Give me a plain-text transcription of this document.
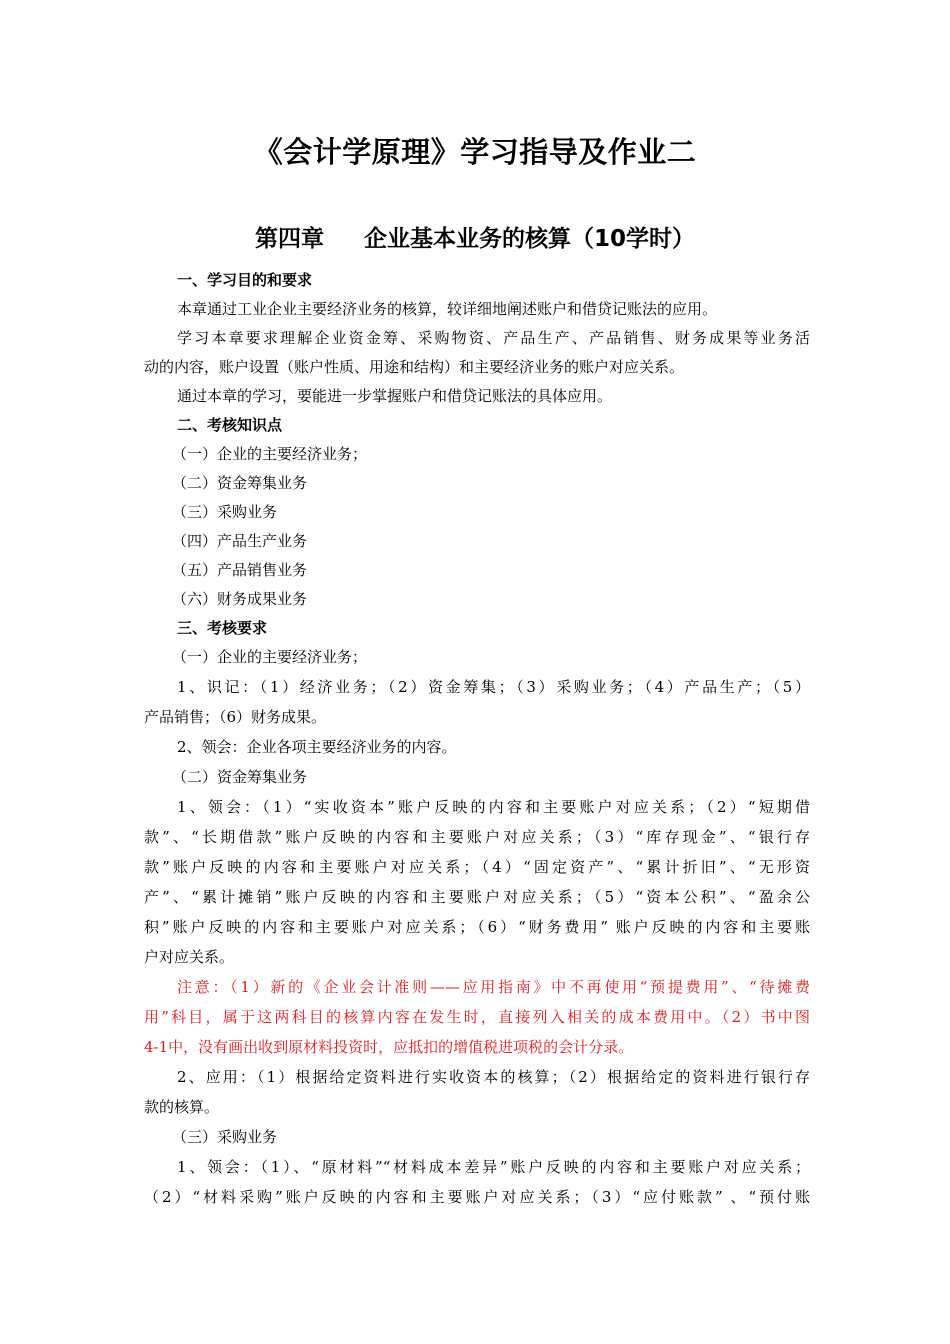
《会计学原理》学习指导及作业二
第四章 企业基本业务的核算（10学时）
一、学习目的和要求
本章通过工业企业主要经济业务的核算，较详细地阐述账户和借贷记账法的应用。
学习本章要求理解企业资金筹、采购物资、产品生产、产品销售、财务成果等业务活
动的内容，账户设置（账户性质、用途和结构）和主要经济业务的账户对应关系。
通过本章的学习，要能进一步掌握账户和借贷记账法的具体应用。
二、考核知识点
（一）企业的主要经济业务；
（二）资金筹集业务
（三）采购业务
（四）产品生产业务
（五）产品销售业务
（六）财务成果业务
三、考核要求
（一）企业的主要经济业务；
1、识记：（1）经济业务；（2）资金筹集；（3）采购业务；（4）产品生产；（5）
产品销售；（6）财务成果。
2、领会：企业各项主要经济业务的内容。
（二）资金筹集业务
1、领会：（1）“实收资本”账户反映的内容和主要账户对应关系；（2）“短期借
款”、“长期借款”账户反映的内容和主要账户对应关系；（3）“库存现金”、“银行存
款”账户反映的内容和主要账户对应关系；（4）“固定资产”、“累计折旧”、“无形资
产”、“累计摊销”账户反映的内容和主要账户对应关系；（5）“资本公积”、“盈余公
积”账户反映的内容和主要账户对应关系；（6）“财务费用” 账户反映的内容和主要账
户对应关系。
注意：（1）新的《企业会计准则——应用指南》中不再使用“预提费用”、“待摊费
用”科目，属于这两科目的核算内容在发生时，直接列入相关的成本费用中。（2）书中图
4-1中，没有画出收到原材料投资时，应抵扣的增值税进项税的会计分录。
2、应用：（1）根据给定资料进行实收资本的核算；（2）根据给定的资料进行银行存
款的核算。
（三）采购业务
1、领会：（1）、“原材料”“材料成本差异”账户反映的内容和主要账户对应关系；
（2）“材料采购”账户反映的内容和主要账户对应关系；（3）“应付账款” 、“预付账
